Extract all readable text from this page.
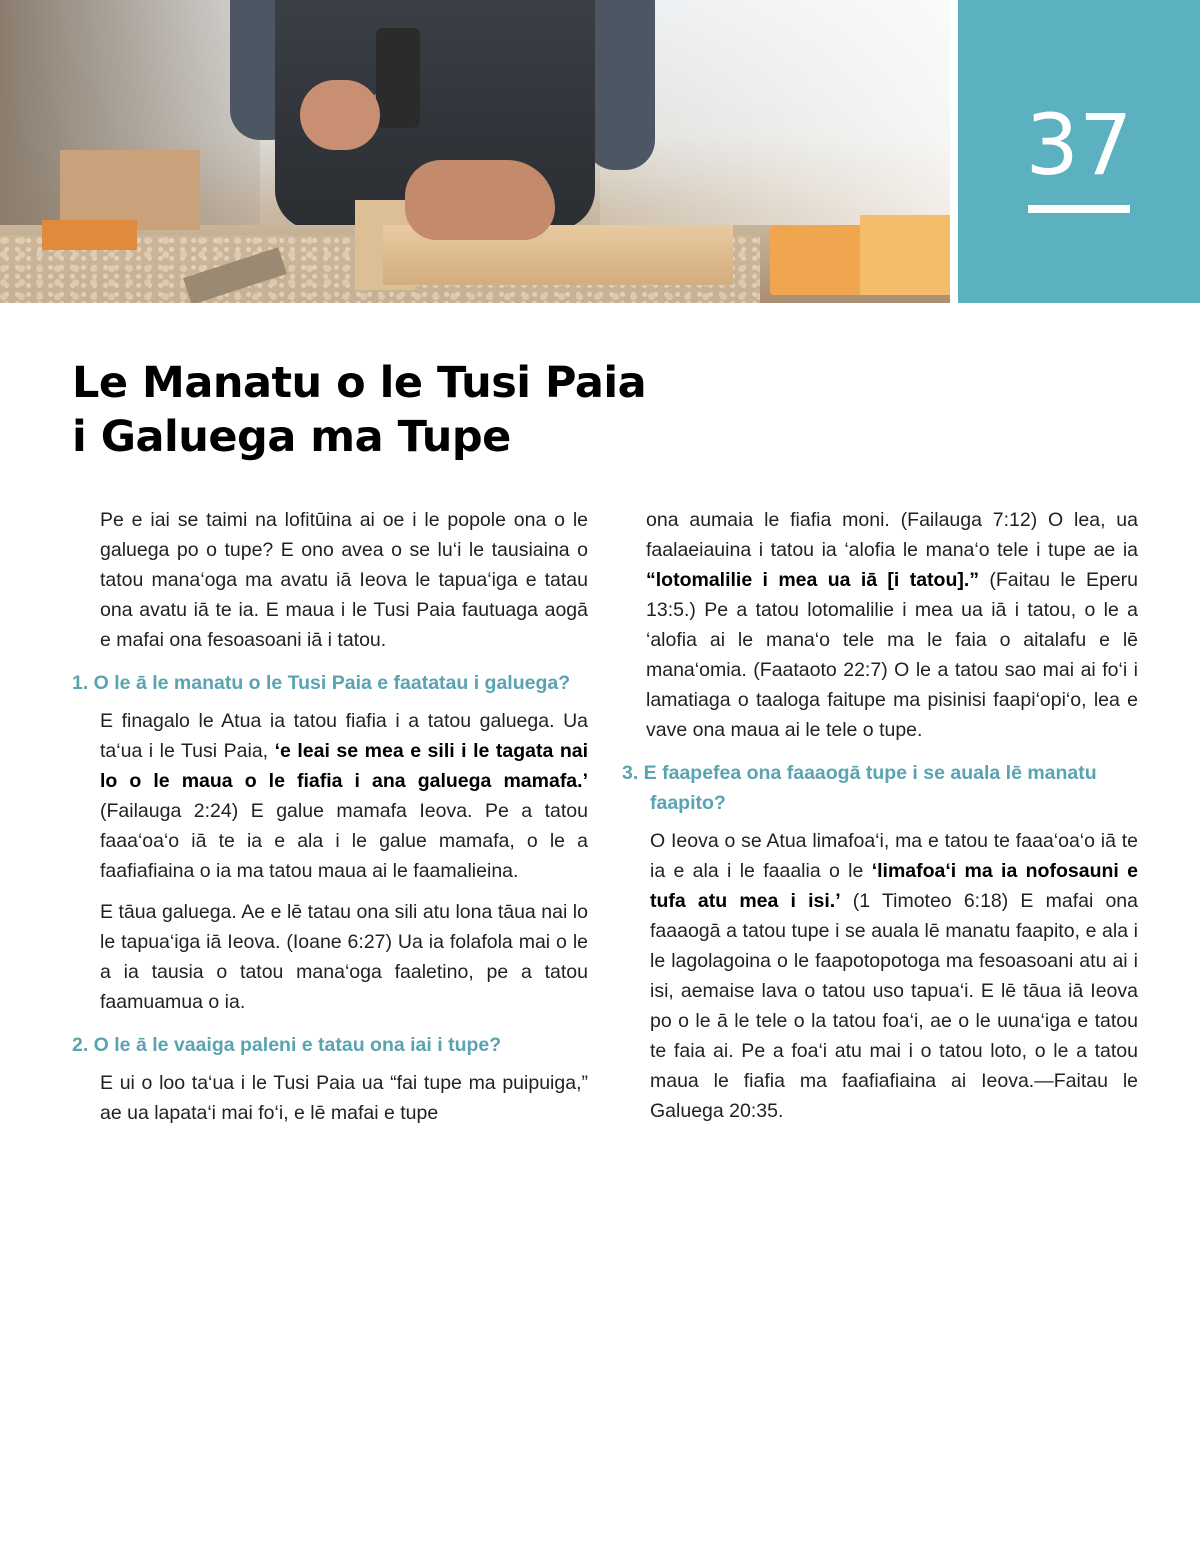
37
Le Manatu o le Tusi Paia
i Galuega ma Tupe

Pe e iai se taimi na lofitūina ai oe i le popole ona o le galuega po o tupe? E ono avea o se lu‘i le tausiaina o tatou mana‘oga ma avatu iā Ieova le tapua‘iga e tatau ona avatu iā te ia. E maua i le Tusi Paia fautuaga aogā e mafai ona fesoasoani iā i tatou.

1. O le ā le manatu o le Tusi Paia e faatatau i galuega?

E finagalo le Atua ia tatou fiafia i a tatou galuega. Ua ta‘ua i le Tusi Paia, ‘e leai se mea e sili i le tagata nai lo o le maua o le fiafia i ana galuega mamafa.’ (Failauga 2:24) E galue mamafa Ieova. Pe a tatou faaa‘oa‘o iā te ia e ala i le galue mamafa, o le a faafiafiaina o ia ma tatou maua ai le faamalieina.

E tāua galuega. Ae e lē tatau ona sili atu lona tāua nai lo le tapua‘iga iā Ieova. (Ioane 6:27) Ua ia folafola mai o le a ia tausia o tatou mana‘oga faaletino, pe a tatou faamuamua o ia.

2. O le ā le vaaiga paleni e tatau ona iai i tupe?

E ui o loo ta‘ua i le Tusi Paia ua “fai tupe ma puipuiga,” ae ua lapata‘i mai fo‘i, e lē mafai e tupe

ona aumaia le fiafia moni. (Failauga 7:12) O lea, ua faalaeiauina i tatou ia ‘alofia le mana‘o tele i tupe ae ia “lotomalilie i mea ua iā [i tatou].” (Faitau le Eperu 13:5.) Pe a tatou lotomalilie i mea ua iā i tatou, o le a ‘alofia ai le mana‘o tele ma le faia o aitalafu e lē mana‘omia. (Faataoto 22:7) O le a tatou sao mai ai fo‘i i lamatiaga o taaloga faitupe ma pisinisi faapi‘opi‘o, lea e vave ona maua ai le tele o tupe.

3. E faapefea ona faaaogā tupe i se auala lē manatu faapito?

O Ieova o se Atua limafoa‘i, ma e tatou te faaa‘oa‘o iā te ia e ala i le faaalia o le ‘limafoa‘i ma ia nofosauni e tufa atu mea i isi.’ (1 Timoteo 6:18) E mafai ona faaaogā a tatou tupe i se auala lē manatu faapito, e ala i le lagolagoina o le faapotopotoga ma fesoasoani atu ai i isi, aemaise lava o tatou uso tapua‘i. E lē tāua iā Ieova po o le ā le tele o la tatou foa‘i, ae o le uuna‘iga e tatou te faia ai. Pe a foa‘i atu mai i o tatou loto, o le a tatou maua le fiafia ma faafiafiaina ai Ieova.—Faitau le Galuega 20:35.
